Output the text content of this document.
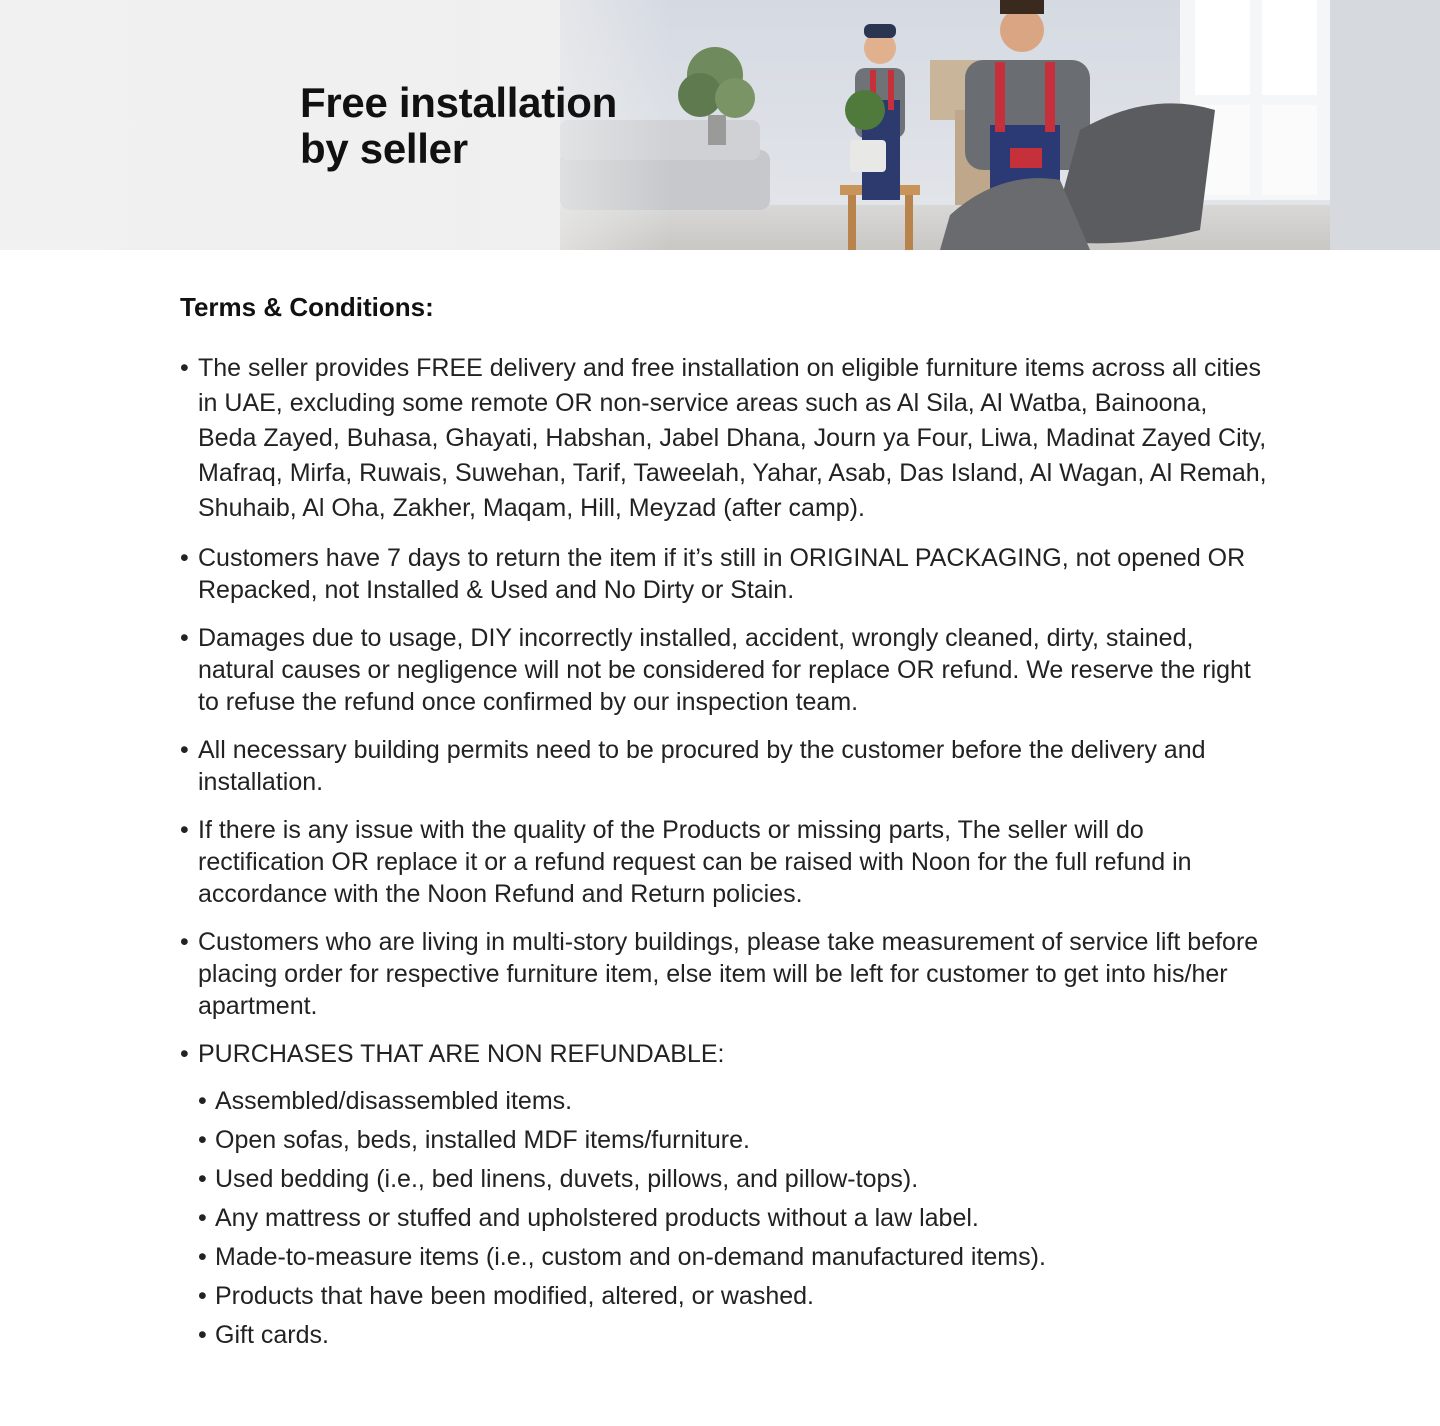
Free installation
by seller
Terms & Conditions:
• The seller provides FREE delivery and free installation on eligible furniture items across all cities in UAE, excluding some remote OR non-service areas such as Al Sila, Al Watba, Bainoona, Beda Zayed, Buhasa, Ghayati, Habshan, Jabel Dhana, Journ ya Four, Liwa, Madinat Zayed City, Mafraq, Mirfa, Ruwais, Suwehan, Tarif, Taweelah, Yahar, Asab, Das Island, Al Wagan, Al Remah, Shuhaib, Al Oha, Zakher, Maqam, Hill, Meyzad (after camp).
• Customers have 7 days to return the item if it’s still in ORIGINAL PACKAGING, not opened OR Repacked, not Installed & Used and No Dirty or Stain.
• Damages due to usage, DIY incorrectly installed, accident, wrongly cleaned, dirty, stained, natural causes or negligence will not be considered for replace OR refund. We reserve the right to refuse the refund once confirmed by our inspection team.
• All necessary building permits need to be procured by the customer before the delivery and installation.
• If there is any issue with the quality of the Products or missing parts, The seller will do rectification OR replace it or a refund request can be raised with Noon for the full refund in accordance with the Noon Refund and Return policies.
• Customers who are living in multi-story buildings, please take measurement of service lift before placing order for respective furniture item, else item will be left for customer to get into his/her apartment.
• PURCHASES THAT ARE NON REFUNDABLE:
• Assembled/disassembled items.
• Open sofas, beds, installed MDF items/furniture.
• Used bedding (i.e., bed linens, duvets, pillows, and pillow-tops).
• Any mattress or stuffed and upholstered products without a law label.
• Made-to-measure items (i.e., custom and on-demand manufactured items).
• Products that have been modified, altered, or washed.
• Gift cards.
